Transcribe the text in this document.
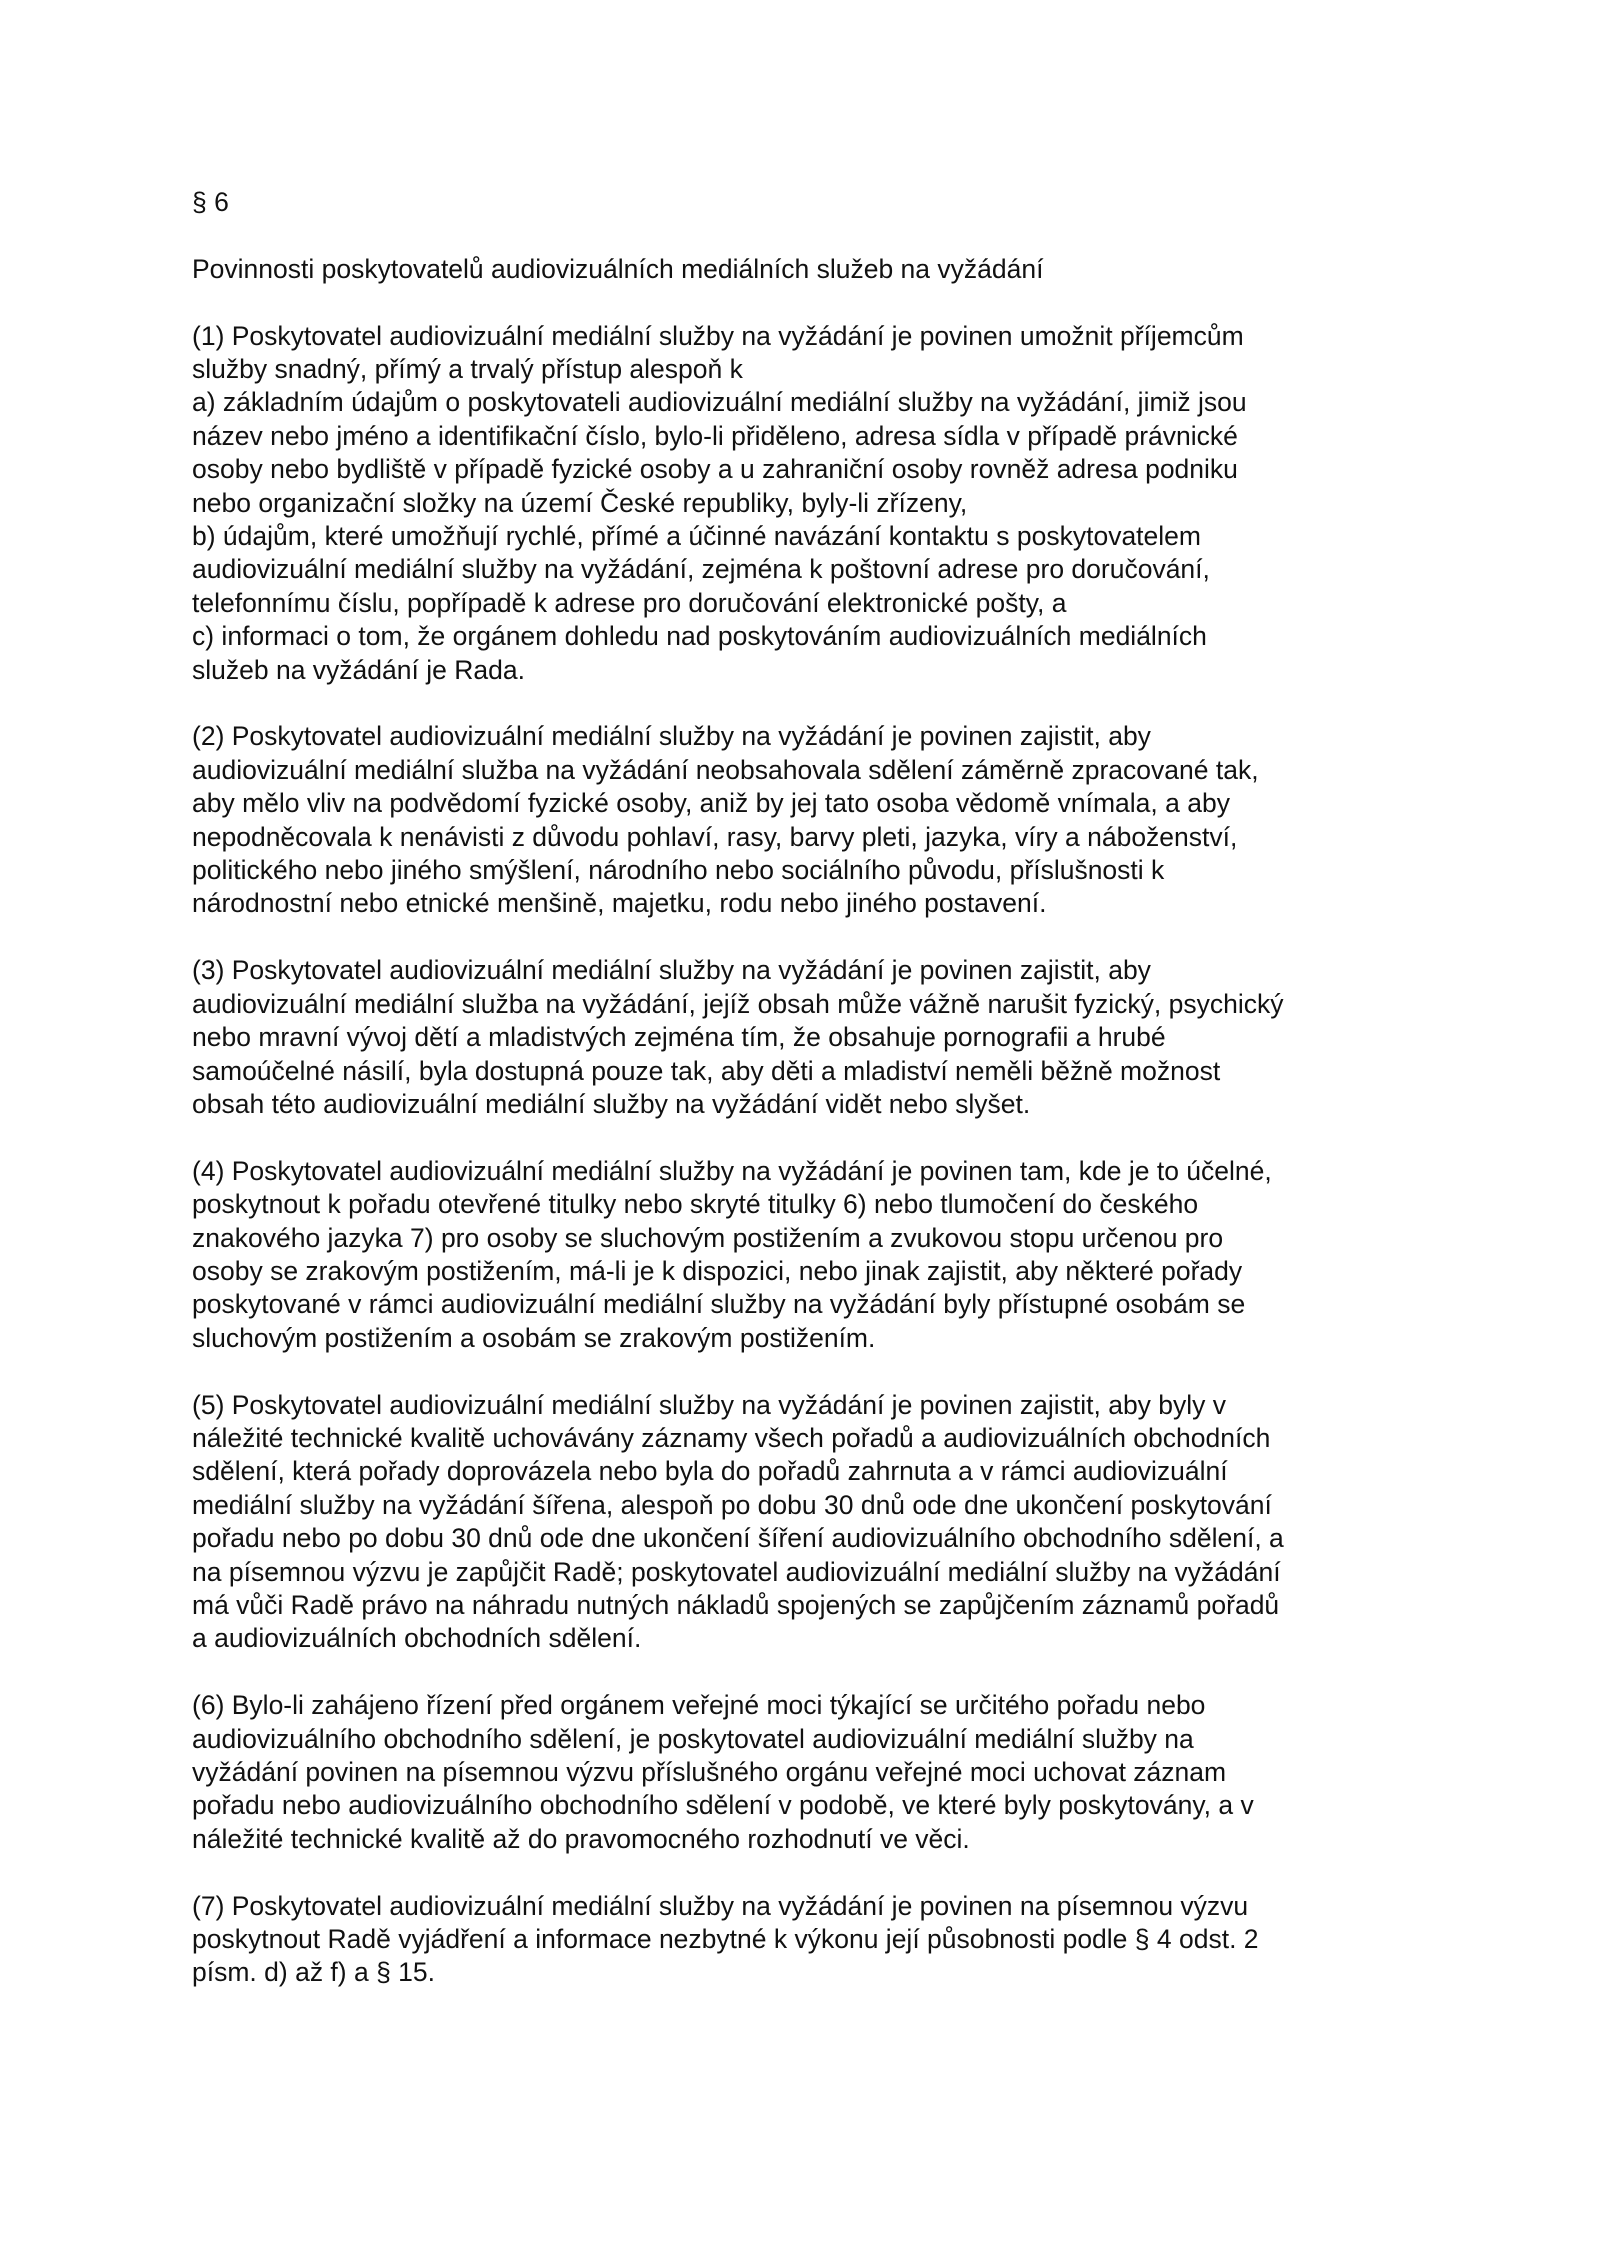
§ 6
Povinnosti poskytovatelů audiovizuálních mediálních služeb na vyžádání
(1) Poskytovatel audiovizuální mediální služby na vyžádání je povinen umožnit příjemcům
služby snadný, přímý a trvalý přístup alespoň k
a) základním údajům o poskytovateli audiovizuální mediální služby na vyžádání, jimiž jsou
název nebo jméno a identifikační číslo, bylo-li přiděleno, adresa sídla v případě právnické
osoby nebo bydliště v případě fyzické osoby a u zahraniční osoby rovněž adresa podniku
nebo organizační složky na území České republiky, byly-li zřízeny,
b) údajům, které umožňují rychlé, přímé a účinné navázání kontaktu s poskytovatelem
audiovizuální mediální služby na vyžádání, zejména k poštovní adrese pro doručování,
telefonnímu číslu, popřípadě k adrese pro doručování elektronické pošty, a
c) informaci o tom, že orgánem dohledu nad poskytováním audiovizuálních mediálních
služeb na vyžádání je Rada.
(2) Poskytovatel audiovizuální mediální služby na vyžádání je povinen zajistit, aby
audiovizuální mediální služba na vyžádání neobsahovala sdělení záměrně zpracované tak,
aby mělo vliv na podvědomí fyzické osoby, aniž by jej tato osoba vědomě vnímala, a aby
nepodněcovala k nenávisti z důvodu pohlaví, rasy, barvy pleti, jazyka, víry a náboženství,
politického nebo jiného smýšlení, národního nebo sociálního původu, příslušnosti k
národnostní nebo etnické menšině, majetku, rodu nebo jiného postavení.
(3) Poskytovatel audiovizuální mediální služby na vyžádání je povinen zajistit, aby
audiovizuální mediální služba na vyžádání, jejíž obsah může vážně narušit fyzický, psychický
nebo mravní vývoj dětí a mladistvých zejména tím, že obsahuje pornografii a hrubé
samoúčelné násilí, byla dostupná pouze tak, aby děti a mladiství neměli běžně možnost
obsah této audiovizuální mediální služby na vyžádání vidět nebo slyšet.
(4) Poskytovatel audiovizuální mediální služby na vyžádání je povinen tam, kde je to účelné,
poskytnout k pořadu otevřené titulky nebo skryté titulky 6) nebo tlumočení do českého
znakového jazyka 7) pro osoby se sluchovým postižením a zvukovou stopu určenou pro
osoby se zrakovým postižením, má-li je k dispozici, nebo jinak zajistit, aby některé pořady
poskytované v rámci audiovizuální mediální služby na vyžádání byly přístupné osobám se
sluchovým postižením a osobám se zrakovým postižením.
(5) Poskytovatel audiovizuální mediální služby na vyžádání je povinen zajistit, aby byly v
náležité technické kvalitě uchovávány záznamy všech pořadů a audiovizuálních obchodních
sdělení, která pořady doprovázela nebo byla do pořadů zahrnuta a v rámci audiovizuální
mediální služby na vyžádání šířena, alespoň po dobu 30 dnů ode dne ukončení poskytování
pořadu nebo po dobu 30 dnů ode dne ukončení šíření audiovizuálního obchodního sdělení, a
na písemnou výzvu je zapůjčit Radě; poskytovatel audiovizuální mediální služby na vyžádání
má vůči Radě právo na náhradu nutných nákladů spojených se zapůjčením záznamů pořadů
a audiovizuálních obchodních sdělení.
(6) Bylo-li zahájeno řízení před orgánem veřejné moci týkající se určitého pořadu nebo
audiovizuálního obchodního sdělení, je poskytovatel audiovizuální mediální služby na
vyžádání povinen na písemnou výzvu příslušného orgánu veřejné moci uchovat záznam
pořadu nebo audiovizuálního obchodního sdělení v podobě, ve které byly poskytovány, a v
náležité technické kvalitě až do pravomocného rozhodnutí ve věci.
(7) Poskytovatel audiovizuální mediální služby na vyžádání je povinen na písemnou výzvu
poskytnout Radě vyjádření a informace nezbytné k výkonu její působnosti podle § 4 odst. 2
písm. d) až f) a § 15.
